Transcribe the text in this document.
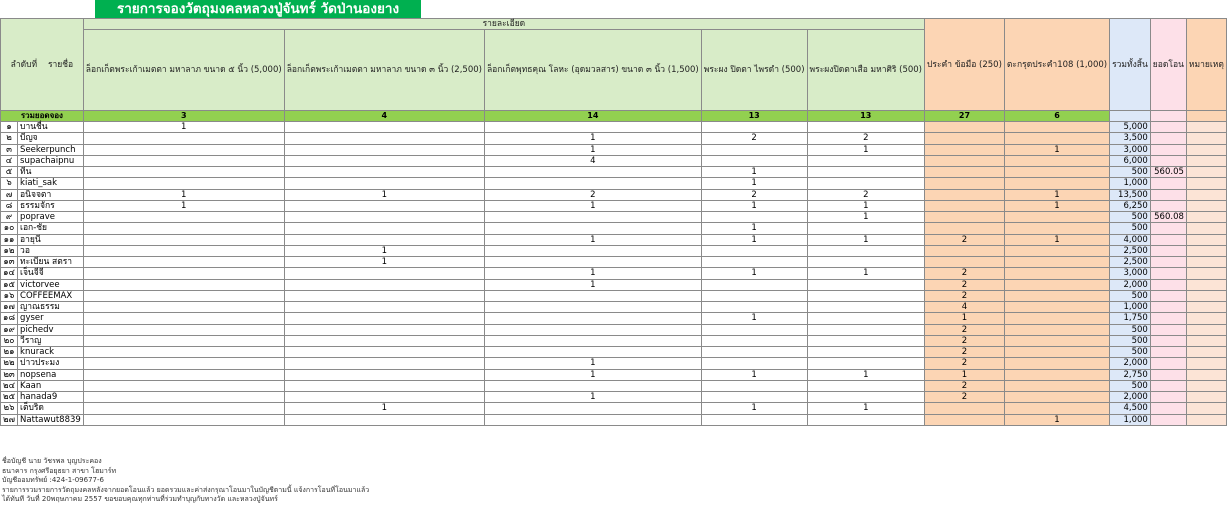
รายการจองวัตถุมงคลหลวงปู่จันทร์ วัดป่านองยาง
ลำดับที่ รายชื่อ		รายละเอียด					ประคำ ข้อมือ (250)	ตะกรุดประคำ108 (1,000)	รวมทั้งสิ้น	ยอดโอน	หมายเหตุ
		ล็อกเก็ตพระเก้าเมตตา มหาลาภ ขนาด ๕ นิ้ว (5,000)	ล็อกเก็ตพระเก้าเมตตา มหาลาภ ขนาด ๓ นิ้ว (2,500)	ล็อกเก็ตพุทธคุณ โลหะ (อุดมวลสาร) ขนาด ๓ นิ้ว (1,500)	พระผง ปิดตา ไพรดำ (500)	พระผงปิดตาเสือ มหาศิริ (500)					
รวมยอดจอง		3	4	14	13	13	27	6			
๑	บานชื่น	1							5,000		
๒	บีญจ			1	2	2			3,500		
๓	Seekerpunch			1		1		1	3,000		
๔	supachaipnu			4					6,000		
๕	ทีน				1				500	560.05	
๖	kiati_sak				1				1,000		
๗	อนิจจตา	1	1	2	2	2		1	13,500		
๘	ธรรมจักร	1		1	1	1		1	6,250		
๙	poprave					1			500	560.08	
๑๐	เอก-ชัย				1				500		
๑๑	อายุนี			1	1	1	2	1	4,000		
๑๒	วอ		1						2,500		
๑๓	ทะเบียน สตรา		1						2,500		
๑๔	เจ็นจีจี			1	1	1	2		3,000		
๑๕	victorvee			1			2		2,000		
๑๖	COFFEEMAX						2		500		
๑๗	ญาณธรรม						4		1,000		
๑๘	gyser				1		1		1,750		
๑๙	pichedv						2		500		
๒๐	วีราญ						2		500		
๒๑	knurack						2		500		
๒๒	ปาวประมง			1			2		2,000		
๒๓	nopsena			1	1	1	1		2,750		
๒๔	Kaan						2		500		
๒๕	hanada9			1			2		2,000		
๒๖	เต็บริด		1		1	1			4,500		
๒๗	Nattawut8839							1	1,000		
ชื่อบัญชี นาย วัชรพล บุญประคอง
ธนาคาร กรุงศรีอยุธยา สาขา โฮมาร์ท
บัญชีออมทรัพย์ :424-1-09677-6
รายการรวมรายการวัตถุมงคลหลังจากยอดโอนแล้ว ยอดรวมและค่าส่งกรุณาโอนมาในบัญชีตามนี้ แจ้งการโอนที่โอนมาแล้ว
ได้ทันที วันที่ 20พฤษภาคม 2557 ขอขอบคุณทุกท่านที่ร่วมทำบุญกับทางวัด และหลวงปู่จันทร์
